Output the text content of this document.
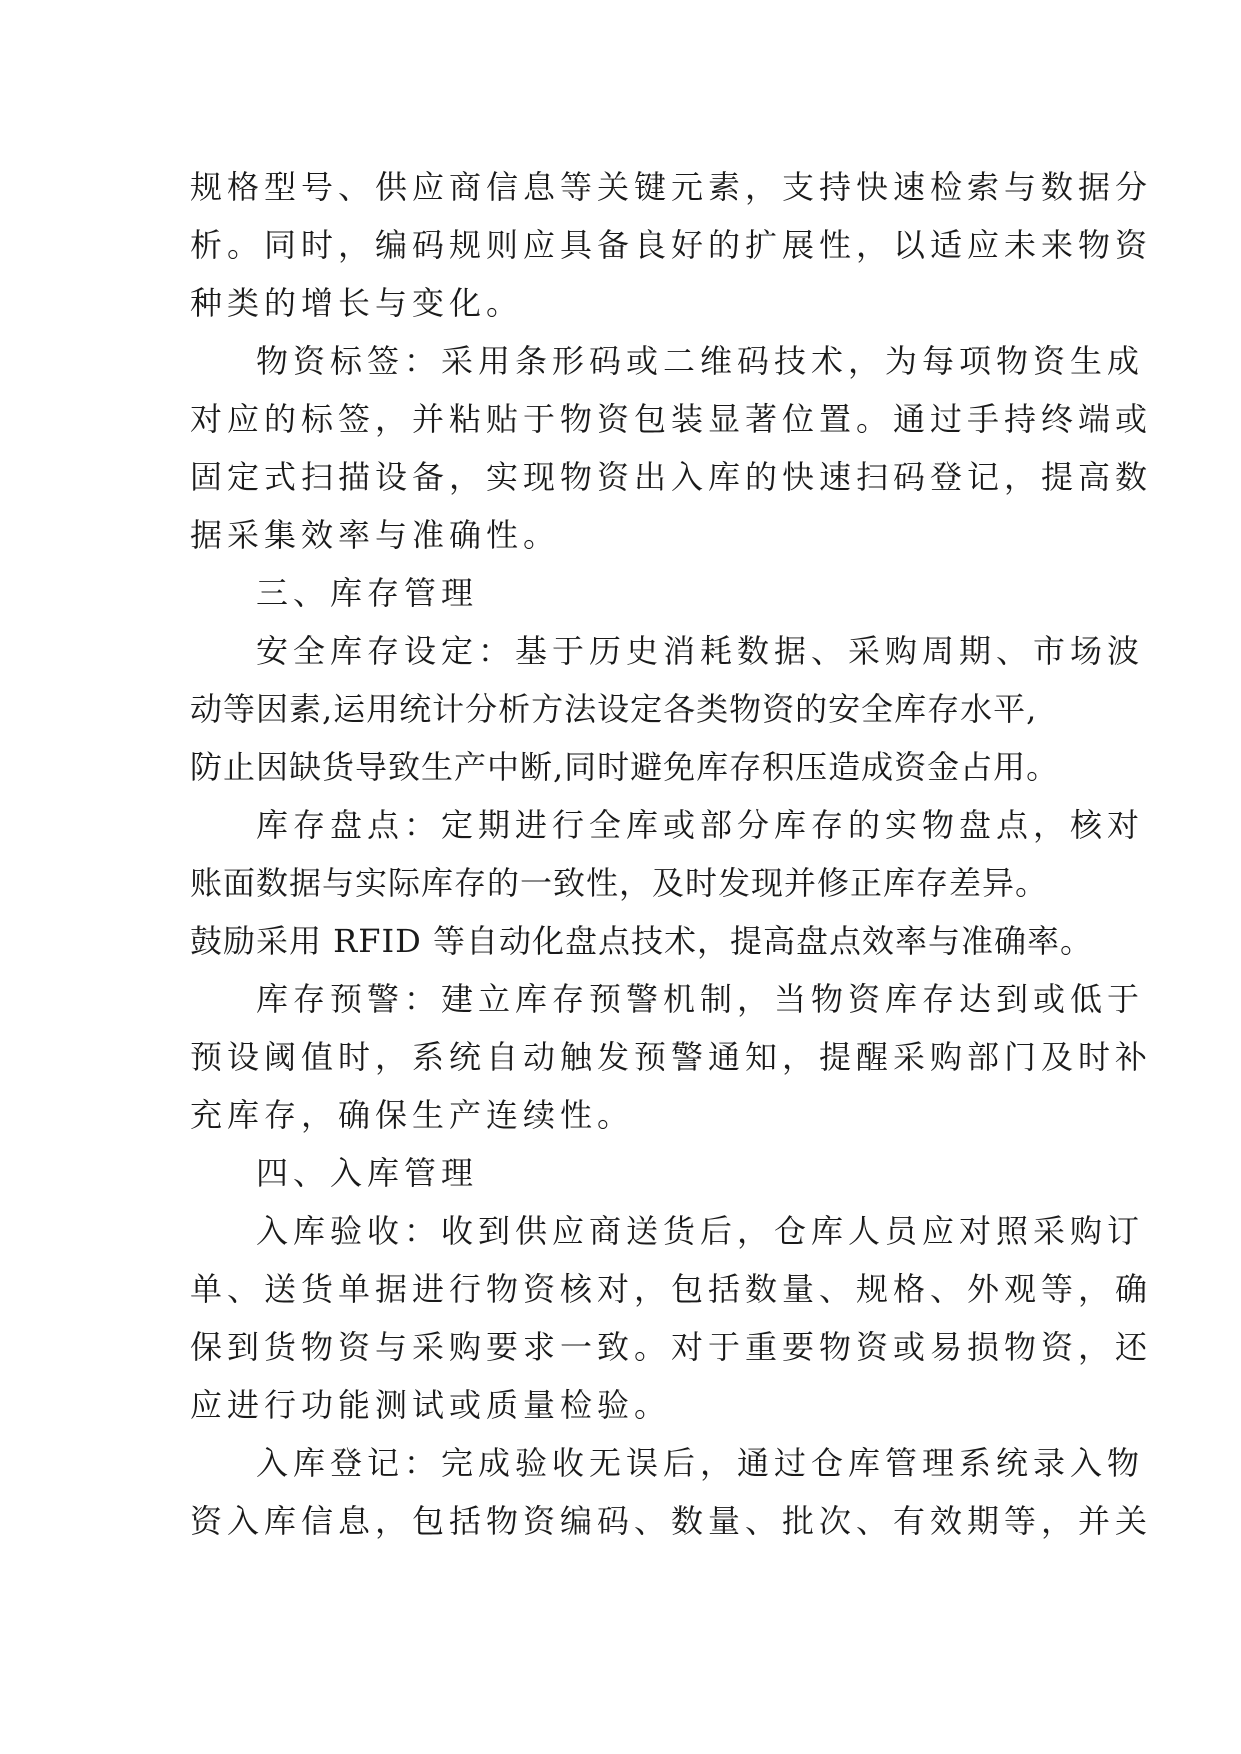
规格型号、供应商信息等关键元素，支持快速检索与数据分
析。同时，编码规则应具备良好的扩展性，以适应未来物资
种类的增长与变化。
物资标签：采用条形码或二维码技术，为每项物资生成
对应的标签，并粘贴于物资包装显著位置。通过手持终端或
固定式扫描设备，实现物资出入库的快速扫码登记，提高数
据采集效率与准确性。
三、库存管理
安全库存设定：基于历史消耗数据、采购周期、市场波
动等因素,运用统计分析方法设定各类物资的安全库存水平,
防止因缺货导致生产中断,同时避免库存积压造成资金占用。
库存盘点：定期进行全库或部分库存的实物盘点，核对
账面数据与实际库存的一致性，及时发现并修正库存差异。
鼓励采用 RFID 等自动化盘点技术，提高盘点效率与准确率。
库存预警：建立库存预警机制，当物资库存达到或低于
预设阈值时，系统自动触发预警通知，提醒采购部门及时补
充库存，确保生产连续性。
四、入库管理
入库验收：收到供应商送货后，仓库人员应对照采购订
单、送货单据进行物资核对，包括数量、规格、外观等，确
保到货物资与采购要求一致。对于重要物资或易损物资，还
应进行功能测试或质量检验。
入库登记：完成验收无误后，通过仓库管理系统录入物
资入库信息，包括物资编码、数量、批次、有效期等，并关
